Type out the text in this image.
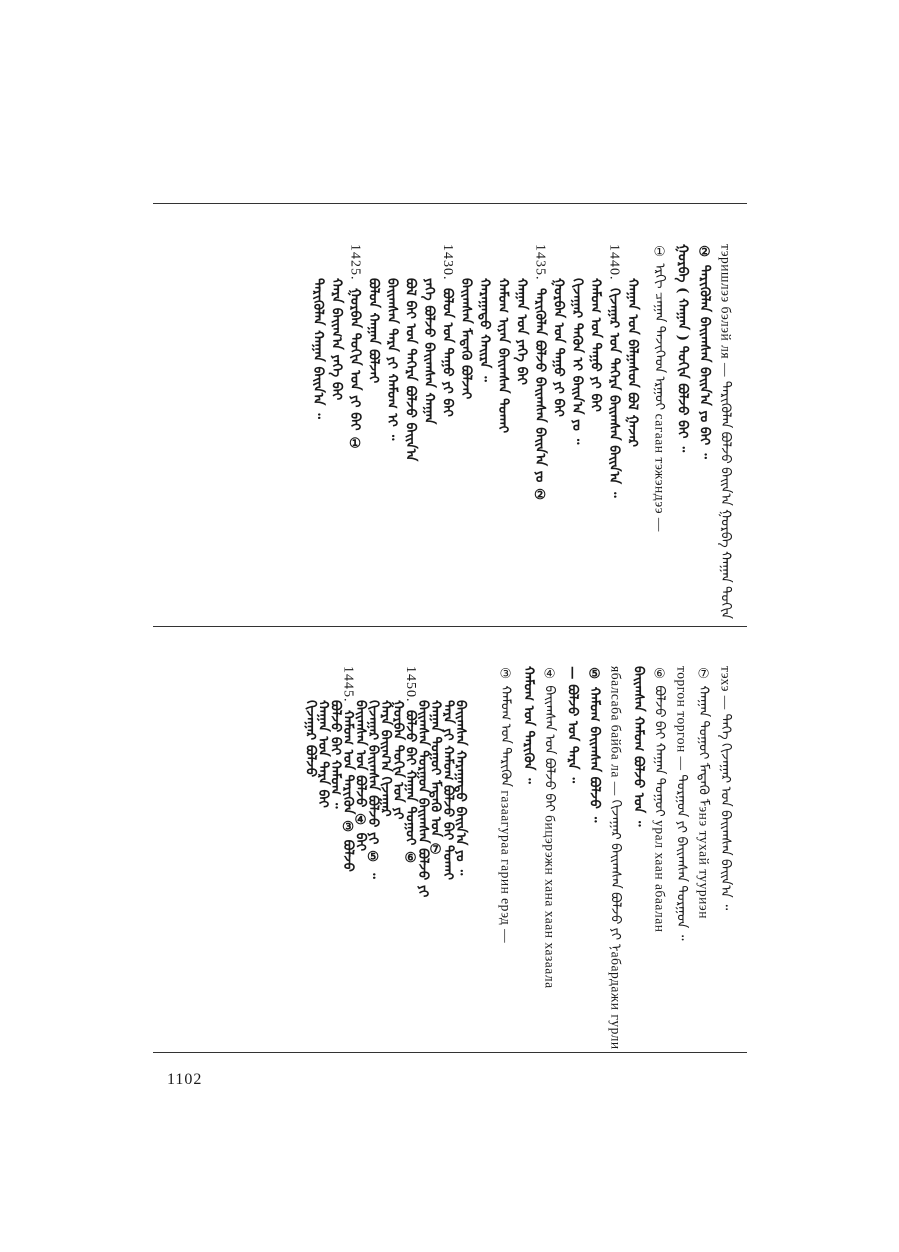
тэришлээ бэлэй ля — ᠲᠡᠷᠢᠭᠦᠯᠡᠨ ᠪᠣᠯᠵᠤ ᠪᠠᠢᠨ᠎ᠠ ᠭᠤᠷᠪᠠ ᠬᠠᠭᠠᠨ ᠳᠤᠬᠢᠨ
② ᠲᠡᠷᠢᠭᠦᠯᠡᠨ ᠪᠠᠢᠭᠰᠠᠨ ᠪᠠᠢᠨ᠎ᠠ ᠶᠤ ᠪᠠᠢ ᠃
ᠭᠤᠷᠪᠠ ( ᠬᠠᠭᠠᠨ ) ᠳᠤᠬᠢᠨ ᠪᠣᠯᠵᠤ ᠪᠠᠢ ᠃
① ᠡᠷᠭᠢ ᠴᠠᠭᠠᠨ ᠲᠡᠵᠢᠭᠡᠳ ᠡᠷᠭᠣᠢ сагаан тэжэндээ —
ᠬᠠᠭᠠᠨ ᠤᠨ ᠪᠠᠯᠭᠠᠰᠤᠨ ᠪᠣᠯ ᠭᠠᠵᠠᠷ
1440.
ᠬᠢᠵᠠᠭᠠᠷ ᠤᠨ ᠳᠡᠭᠡᠷᠡ ᠪᠠᠢᠭᠰᠠᠨ ᠪᠠᠢᠨ᠎ᠠ ᠃
ᠬᠠᠮᠤᠭ ᠤᠨ ᠳᠠᠭᠤ ᠶᠢ ᠪᠠᠢ
ᠬᠢᠵᠠᠭᠠᠷ ᠲᠡᠭᠦᠨ ᠢ ᠪᠠᠢᠨ᠎ᠠ ᠶᠤ ᠃
ᠭᠤᠷᠪᠠᠨ ᠤᠨ ᠳᠠᠭᠤ ᠶᠢ ᠪᠠᠢ
1435.
ᠲᠡᠷᠢᠭᠦᠯᠡᠨ ᠪᠣᠯᠵᠤ ᠪᠠᠢᠭᠰᠠᠨ ᠪᠠᠢᠨ᠎ᠠ ᠶᠤ ②
ᠬᠠᠭᠠᠨ ᠤᠨ ᠶᠡᠬᠡ ᠪᠠᠢ
ᠬᠠᠮᠤᠭ ᠢᠶᠡᠨ ᠪᠠᠢᠭᠰᠠᠨ ᠲᠤᠬᠠᠢ
ᠬᠠᠷᠠᠭᠠᠳᠤ ᠬᠠᠢᠷᠠ ᠃
ᠪᠠᠢᠭᠰᠠᠨ ᠮᠡᠳᠡᠭᠦ ᠪᠣᠯᠵᠠᠢ
1430.
ᠪᠣᠯᠤᠨ ᠤᠨ ᠳᠠᠭᠤ ᠶᠢ ᠪᠠᠢ
ᠶᠡᠬᠡ ᠪᠣᠯᠵᠤ ᠪᠠᠢᠭᠰᠠᠨ ᠬᠠᠭᠠᠨ
ᠪᠣᠯ ᠪᠠᠢ ᠤᠨ ᠳᠡᠭᠡᠷᠡ ᠪᠣᠯᠵᠤ ᠪᠠᠢᠨ᠎ᠠ
ᠪᠠᠢᠭᠰᠠᠨ ᠲᠡᠷᠡ ᠶᠢ ᠬᠠᠮᠤᠭ ᠢ ᠃
ᠪᠣᠯᠤᠨ ᠬᠠᠭᠠᠨ ᠪᠣᠯᠵᠠᠢ
1425.
ᠭᠤᠷᠪᠠᠨ ᠳᠤᠬᠢᠨ ᠤᠨ ᠶᠢ ᠪᠠᠢ ①
ᠬᠠᠷᠠ ᠪᠠᠢᠭ᠎ᠠ ᠶᠡᠬᠡ ᠪᠠᠢ
ᠲᠡᠷᠢᠭᠦᠯᠡᠨ ᠬᠠᠭᠠᠨ ᠪᠠᠢᠨ᠎ᠠ ᠃
тэхэ — ᠲᠡᠬᠡ ᠬᠢᠵᠠᠭᠠᠷ ᠤᠨ ᠪᠠᠢᠭᠰᠠᠨ ᠪᠠᠢᠨ᠎ᠠ ᠃
⑦ ᠬᠠᠭᠠᠨ ᠳᠤᠭᠤᠢ ᠮᠡᠳᠡᠭᠦ ᠮэнэ тухай тууриэн
торгон торгон — ᠲᠣᠷᠭᠣᠨ ᠶᠢ ᠪᠠᠢᠭᠰᠠᠨ ᠲᠣᠷᠭᠣᠨ ᠃
⑥ ᠪᠣᠯᠵᠤ ᠪᠠᠢ ᠬᠠᠭᠠᠨ ᠳᠤᠭᠤᠢ урал хаан абаалан
ᠪᠠᠢᠭᠰᠠᠨ ᠬᠠᠮᠤᠭ ᠪᠣᠯᠵᠤ ᠤᠨ ᠃
ябалсаба байба ла — ᠬᠢᠵᠠᠭᠠᠷ ᠪᠠᠢᠭᠰᠠᠨ ᠪᠣᠯᠵᠤ ᠶᠢ ᠨабардажи гурли
⑤ ᠬᠠᠮᠤᠭ ᠪᠠᠢᠭᠰᠠᠨ ᠪᠣᠯᠵᠤ ᠃
— ᠪᠣᠯᠵᠤ ᠤᠨ ᠲᠡᠷᠡ ᠃
④ ᠪᠠᠢᠭᠰᠠᠨ ᠤᠨ ᠪᠣᠯᠵᠤ ᠪᠠᠢ бицэрэжн хана хаан хазаала
ᠬᠠᠮᠤᠭ ᠤᠨ ᠲᠡᠷᠢᠭᠦᠨ ᠃
③ ᠬᠠᠮᠤᠭ ᠤᠨ ᠲᠡᠷᠢᠭᠦᠨ газаагураа гарин ерэд —
ᠪᠠᠢᠭᠰᠠᠨ ᠬᠠᠷᠠᠭᠠᠳᠤ ᠪᠠᠢᠨ᠎ᠠ ᠶᠤ ᠃
ᠲᠡᠷᠡ ᠶᠢ ᠬᠠᠮᠤᠭ ᠪᠣᠯᠵᠤ ᠪᠠᠢ ᠲᠤᠬᠠᠢ
ᠬᠠᠭᠠᠨ ᠳᠤᠭᠤᠢ ᠮᠡᠳᠡᠭᠦ ᠤᠨ ⑦
ᠪᠠᠢᠭᠰᠠᠨ ᠲᠣᠷᠭᠣᠨ ᠪᠠᠢᠭᠰᠠᠨ ᠪᠣᠯᠵᠤ ᠶᠢ
1450.
ᠪᠣᠯᠵᠤ ᠪᠠᠢ ᠬᠠᠭᠠᠨ ᠳᠤᠭᠤᠢ ⑥
ᠭᠤᠷᠪᠠᠨ ᠳᠤᠬᠢᠨ ᠤᠨ ᠶᠢ
ᠬᠠᠷᠠ ᠪᠠᠢᠭ᠎ᠠ ᠬᠢᠵᠠᠭᠠᠷ
ᠬᠢᠵᠠᠭᠠᠷ ᠪᠠᠢᠭᠰᠠᠨ ᠪᠣᠯᠵᠤ ᠶᠢ ⑤ ᠃
ᠪᠠᠢᠭᠰᠠᠨ ᠤᠨ ᠪᠣᠯᠵᠤ ④ ᠪᠠᠢ
1445.
ᠬᠠᠮᠤᠭ ᠤᠨ ᠲᠡᠷᠢᠭᠦᠨ ③ ᠪᠣᠯᠵᠤ
ᠪᠣᠯᠵᠤ ᠪᠠᠢ ᠬᠠᠮᠤᠭ ᠃
ᠬᠠᠭᠠᠨ ᠤᠨ ᠲᠡᠷᠡ ᠪᠠᠢ
ᠬᠢᠵᠠᠭᠠᠷ ᠪᠣᠯᠵᠤ
1102
